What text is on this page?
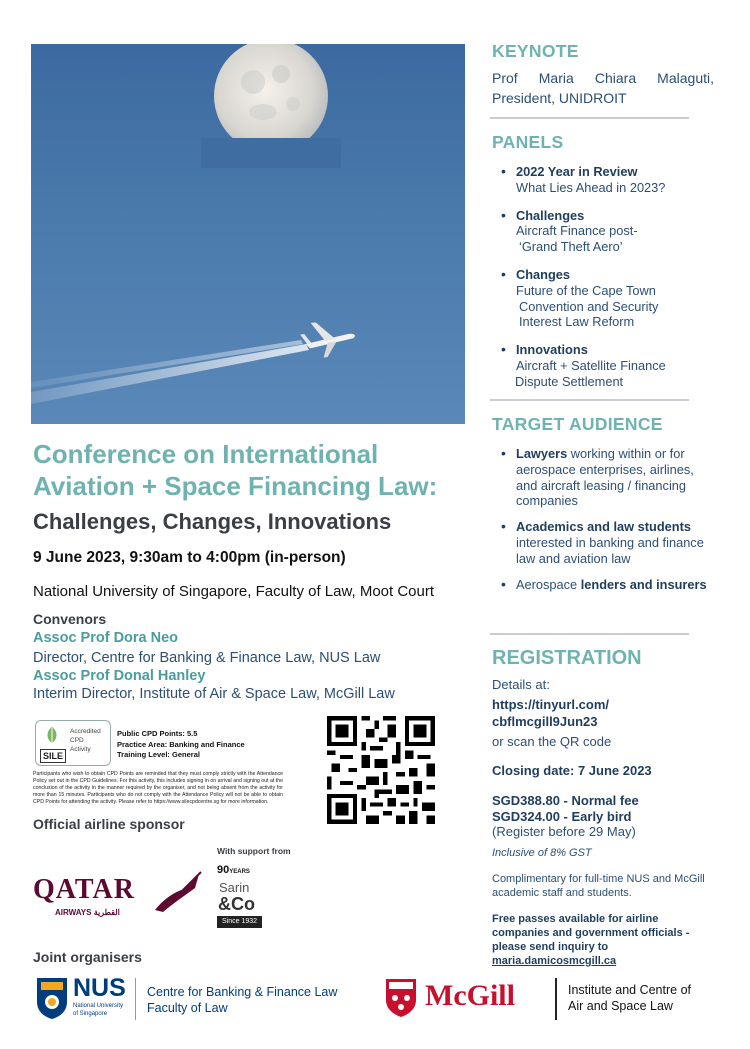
Conference on International
Aviation + Space Financing Law:
Challenges, Changes, Innovations
9 June 2023, 9:30am to 4:00pm (in-person)
National University of Singapore, Faculty of Law, Moot Court
Convenors
Assoc Prof Dora Neo
Director, Centre for Banking & Finance Law, NUS Law
Assoc Prof Donal Hanley
Interim Director, Institute of Air & Space Law, McGill Law
SILE
Accredited
CPD
Activity
Public CPD Points: 5.5
Practice Area: Banking and Finance
Training Level: General
Participants who wish to obtain CPD Points are reminded that they must comply strictly with the Attendance Policy set out in the CPD Guidelines. For this activity, this includes signing in on arrival and signing out at the conclusion of the activity in the manner required by the organiser, and not being absent from the activity for more than 15 minutes. Participants who do not comply with the Attendance Policy will not be able to obtain CPD Points for attending the activity. Please refer to https://www.silecpdcentre.sg for more information.
Official airline sponsor
With support from
QATAR
AIRWAYS القطرية
90YEARS
Sarin
&Co
Since 1932
Joint organisers
NUS
National University
of Singapore
Centre for Banking & Finance Law
Faculty of Law	McGill	Institute and Centre of
Air and Space Law
KEYNOTE
Prof Maria Chiara Malaguti, President, UNIDROIT
PANELS
• 2022 Year in Review
What Lies Ahead in 2023?
• Challenges
Aircraft Finance post-
‘Grand Theft Aero’
• Changes
Future of the Cape Town
Convention and Security
Interest Law Reform
• Innovations
Aircraft + Satellite Finance
Dispute Settlement
TARGET AUDIENCE
• Lawyers working within or for aerospace enterprises, airlines, and aircraft leasing / financing companies
• Academics and law students interested in banking and finance law and aviation law
• Aerospace lenders and insurers
REGISTRATION
Details at:
https://tinyurl.com/
cbflmcgill9Jun23
or scan the QR code
Closing date: 7 June 2023
SGD388.80 - Normal fee
SGD324.00 - Early bird
(Register before 29 May)
Inclusive of 8% GST
Complimentary for full-time NUS and McGill academic staff and students.
Free passes available for airline companies and government officials - please send inquiry to maria.damicosmcgill.ca
